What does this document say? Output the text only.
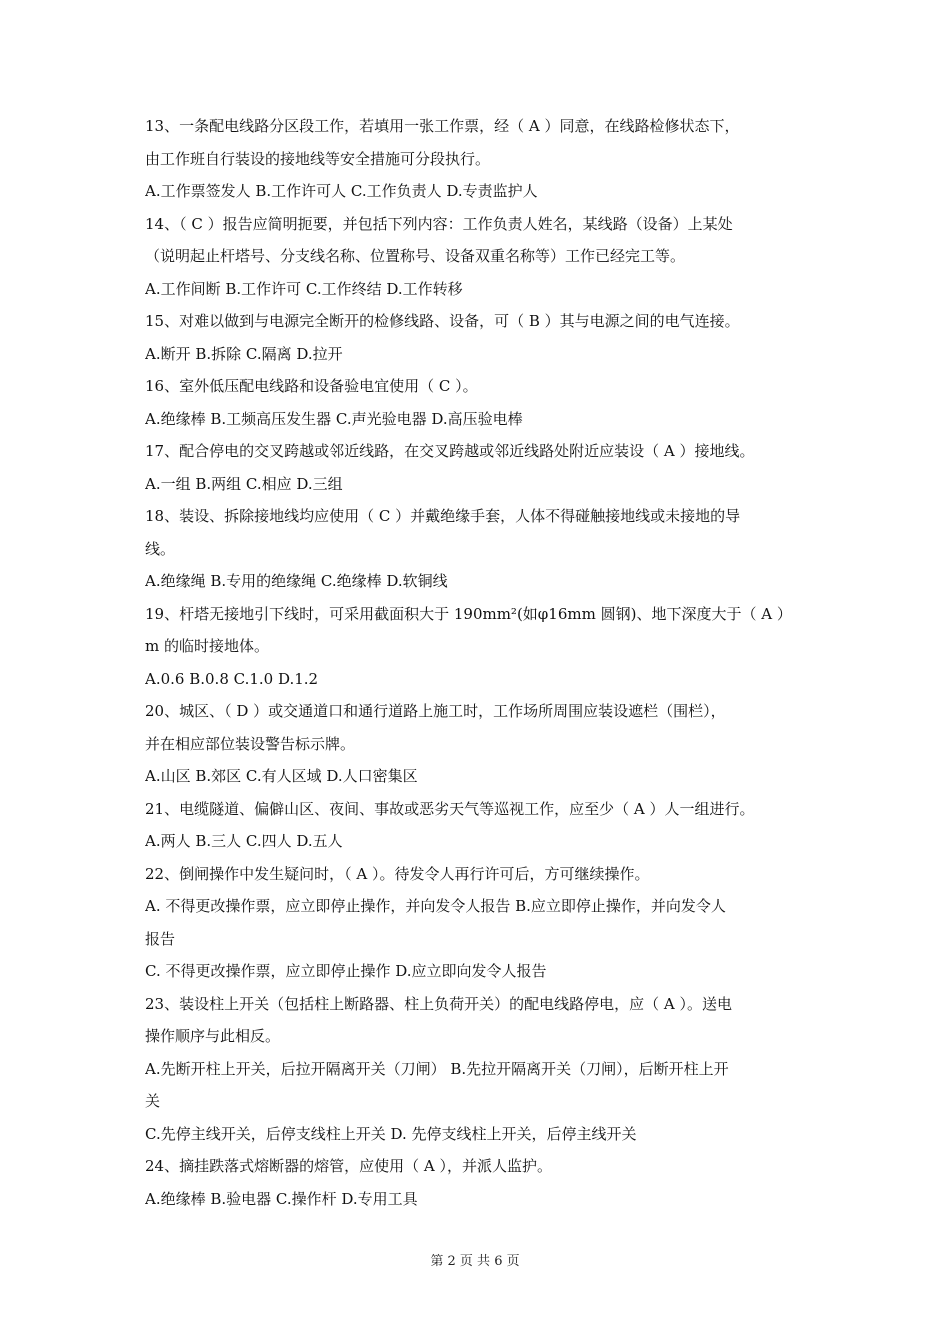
13、一条配电线路分区段工作，若填用一张工作票，经（ A ）同意，在线路检修状态下，
由工作班自行装设的接地线等安全措施可分段执行。
A.工作票签发人 B.工作许可人 C.工作负责人 D.专责监护人
14、（ C ）报告应简明扼要，并包括下列内容：工作负责人姓名，某线路（设备）上某处
（说明起止杆塔号、分支线名称、位置称号、设备双重名称等）工作已经完工等。
A.工作间断 B.工作许可 C.工作终结 D.工作转移
15、对难以做到与电源完全断开的检修线路、设备，可（ B ）其与电源之间的电气连接。
A.断开 B.拆除 C.隔离 D.拉开
16、室外低压配电线路和设备验电宜使用（ C ）。
A.绝缘棒 B.工频高压发生器 C.声光验电器 D.高压验电棒
17、配合停电的交叉跨越或邻近线路，在交叉跨越或邻近线路处附近应装设（ A ）接地线。
A.一组 B.两组 C.相应 D.三组
18、装设、拆除接地线均应使用（ C ）并戴绝缘手套，人体不得碰触接地线或未接地的导
线。
A.绝缘绳 B.专用的绝缘绳 C.绝缘棒 D.软铜线
19、杆塔无接地引下线时，可采用截面积大于 190mm²(如φ16mm 圆钢)、地下深度大于（ A ）
m 的临时接地体。
A.0.6 B.0.8 C.1.0 D.1.2
20、城区、（ D ）或交通道口和通行道路上施工时，工作场所周围应装设遮栏（围栏），
并在相应部位装设警告标示牌。
A.山区 B.郊区 C.有人区域 D.人口密集区
21、电缆隧道、偏僻山区、夜间、事故或恶劣天气等巡视工作，应至少（ A ）人一组进行。
A.两人 B.三人 C.四人 D.五人
22、倒闸操作中发生疑问时，（ A ）。待发令人再行许可后，方可继续操作。
A. 不得更改操作票，应立即停止操作，并向发令人报告 B.应立即停止操作，并向发令人
报告
C. 不得更改操作票，应立即停止操作 D.应立即向发令人报告
23、装设柱上开关（包括柱上断路器、柱上负荷开关）的配电线路停电，应（ A ）。送电
操作顺序与此相反。
A.先断开柱上开关，后拉开隔离开关（刀闸） B.先拉开隔离开关（刀闸），后断开柱上开
关
C.先停主线开关，后停支线柱上开关 D. 先停支线柱上开关，后停主线开关
24、摘挂跌落式熔断器的熔管，应使用（ A ），并派人监护。
A.绝缘棒 B.验电器 C.操作杆 D.专用工具
第 2 页 共 6 页
